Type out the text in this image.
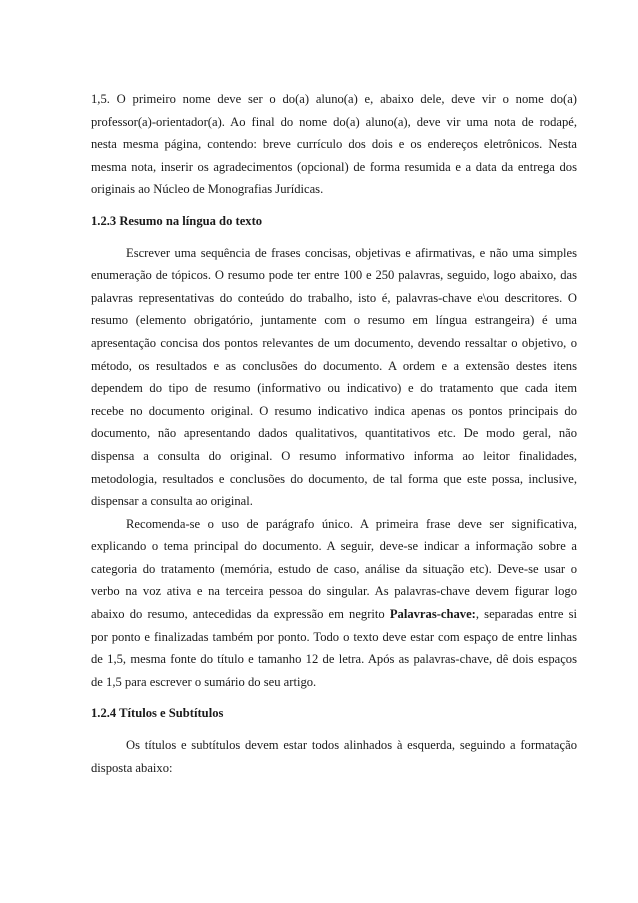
1,5. O primeiro nome deve ser o do(a) aluno(a) e, abaixo dele, deve vir o nome do(a)
professor(a)-orientador(a). Ao final do nome do(a) aluno(a), deve vir uma nota de rodapé,
nesta mesma página, contendo: breve currículo dos dois e os endereços eletrônicos. Nesta
mesma nota, inserir os agradecimentos (opcional) de forma resumida e a data da entrega dos
originais ao Núcleo de Monografias Jurídicas.

1.2.3 Resumo na língua do texto

Escrever uma sequência de frases concisas, objetivas e afirmativas, e não uma simples
enumeração de tópicos. O resumo pode ter entre 100 e 250 palavras, seguido, logo abaixo, das
palavras representativas do conteúdo do trabalho, isto é, palavras-chave e\ou descritores. O
resumo (elemento obrigatório, juntamente com o resumo em língua estrangeira) é uma
apresentação concisa dos pontos relevantes de um documento, devendo ressaltar o objetivo, o
método, os resultados e as conclusões do documento. A ordem e a extensão destes itens
dependem do tipo de resumo (informativo ou indicativo) e do tratamento que cada item
recebe no documento original. O resumo indicativo indica apenas os pontos principais do
documento, não apresentando dados qualitativos, quantitativos etc. De modo geral, não
dispensa a consulta do original. O resumo informativo informa ao leitor finalidades,
metodologia, resultados e conclusões do documento, de tal forma que este possa, inclusive,
dispensar a consulta ao original.
Recomenda-se o uso de parágrafo único. A primeira frase deve ser significativa,
explicando o tema principal do documento. A seguir, deve-se indicar a informação sobre a
categoria do tratamento (memória, estudo de caso, análise da situação etc). Deve-se usar o
verbo na voz ativa e na terceira pessoa do singular. As palavras-chave devem figurar logo
abaixo do resumo, antecedidas da expressão em negrito Palavras-chave:, separadas entre si
por ponto e finalizadas também por ponto. Todo o texto deve estar com espaço de entre linhas
de 1,5, mesma fonte do título e tamanho 12 de letra. Após as palavras-chave, dê dois espaços
de 1,5 para escrever o sumário do seu artigo.

1.2.4 Títulos e Subtítulos

Os títulos e subtítulos devem estar todos alinhados à esquerda, seguindo a formatação
disposta abaixo:
